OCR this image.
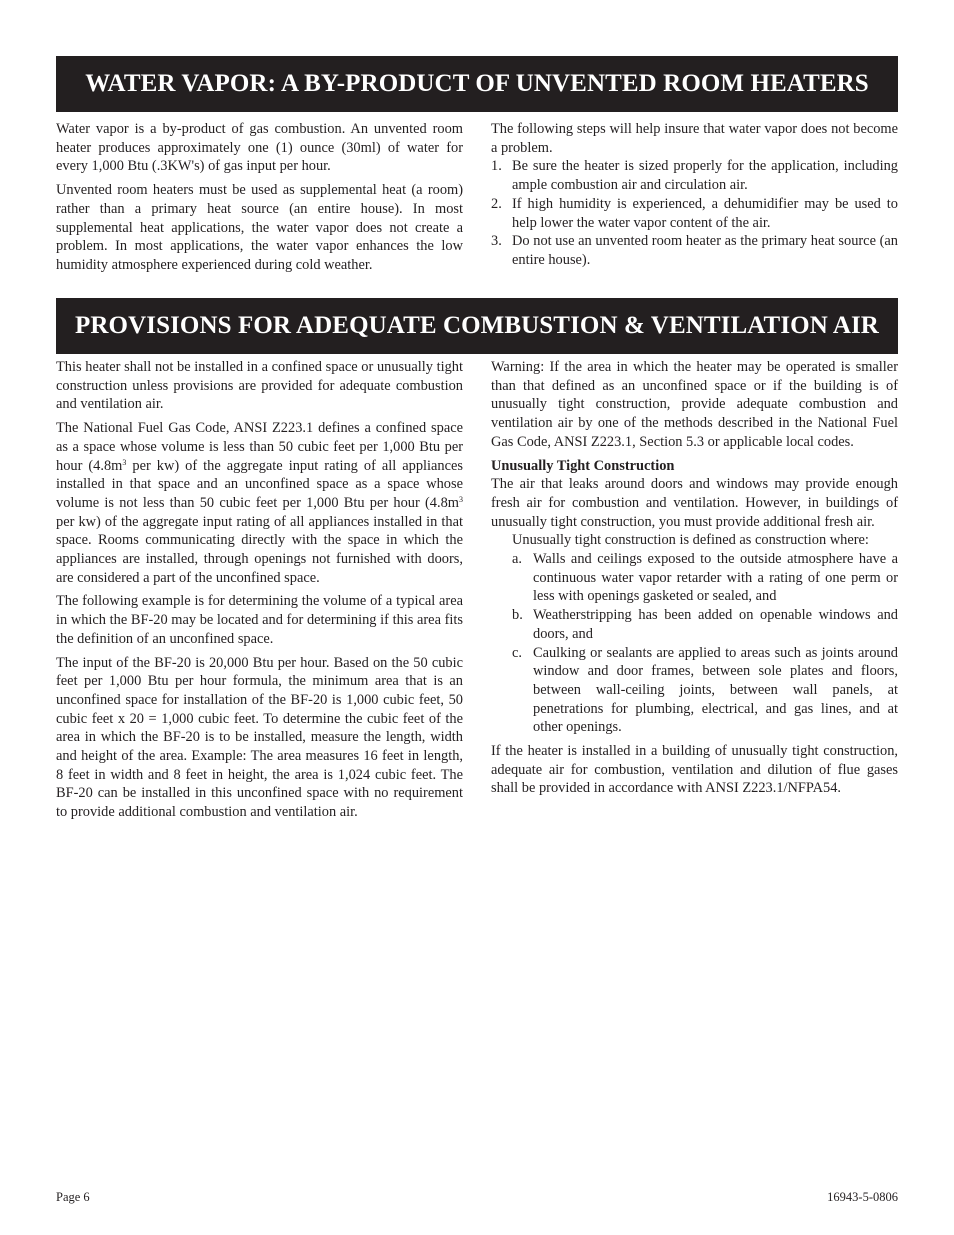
WATER VAPOR: A BY-PRODUCT OF UNVENTED ROOM HEATERS

Water vapor is a by-product of gas combustion. An unvented room heater produces approximately one (1) ounce (30ml) of water for every 1,000 Btu (.3KW's) of gas input per hour.

Unvented room heaters must be used as supplemental heat (a room) rather than a primary heat source (an entire house). In most supplemental heat applications, the water vapor does not create a problem. In most applications, the water vapor enhances the low humidity atmosphere experienced during cold weather.

The following steps will help insure that water vapor does not become a problem.

1. Be sure the heater is sized properly for the application, including ample combustion air and circulation air.
2. If high humidity is experienced, a dehumidifier may be used to help lower the water vapor content of the air.
3. Do not use an unvented room heater as the primary heat source (an entire house).
PROVISIONS FOR ADEQUATE COMBUSTION & VENTILATION AIR

This heater shall not be installed in a confined space or unusually tight construction unless provisions are provided for adequate combustion and ventilation air.

The National Fuel Gas Code, ANSI Z223.1 defines a confined space as a space whose volume is less than 50 cubic feet per 1,000 Btu per hour ($4.8m^3$ per kw) of the aggregate input rating of all appliances installed in that space and an unconfined space as a space whose volume is not less than 50 cubic feet per 1,000 Btu per hour ($4.8m^3$ per kw) of the aggregate input rating of all appliances installed in that space. Rooms communicating directly with the space in which the appliances are installed, through openings not furnished with doors, are considered a part of the unconfined space.

The following example is for determining the volume of a typical area in which the BF-20 may be located and for determining if this area fits the definition of an unconfined space.

The input of the BF-20 is 20,000 Btu per hour. Based on the 50 cubic feet per 1,000 Btu per hour formula, the minimum area that is an unconfined space for installation of the BF-20 is 1,000 cubic feet, 50 cubic feet x 20 = 1,000 cubic feet. To determine the cubic feet of the area in which the BF-20 is to be installed, measure the length, width and height of the area. Example: The area measures 16 feet in length, 8 feet in width and 8 feet in height, the area is 1,024 cubic feet. The BF-20 can be installed in this unconfined space with no requirement to provide additional combustion and ventilation air.

Warning: If the area in which the heater may be operated is smaller than that defined as an unconfined space or if the building is of unusually tight construction, provide adequate combustion and ventilation air by one of the methods described in the National Fuel Gas Code, ANSI Z223.1, Section 5.3 or applicable local codes.

Unusually Tight Construction

The air that leaks around doors and windows may provide enough fresh air for combustion and ventilation. However, in buildings of unusually tight construction, you must provide additional fresh air.

Unusually tight construction is defined as construction where:

a. Walls and ceilings exposed to the outside atmosphere have a continuous water vapor retarder with a rating of one perm or less with openings gasketed or sealed, and
b. Weatherstripping has been added on openable windows and doors, and
c. Caulking or sealants are applied to areas such as joints around window and door frames, between sole plates and floors, between wall-ceiling joints, between wall panels, at penetrations for plumbing, electrical, and gas lines, and at other openings.

If the heater is installed in a building of unusually tight construction, adequate air for combustion, ventilation and dilution of flue gases shall be provided in accordance with ANSI Z223.1/NFPA54.

Page 6	16943-5-0806
